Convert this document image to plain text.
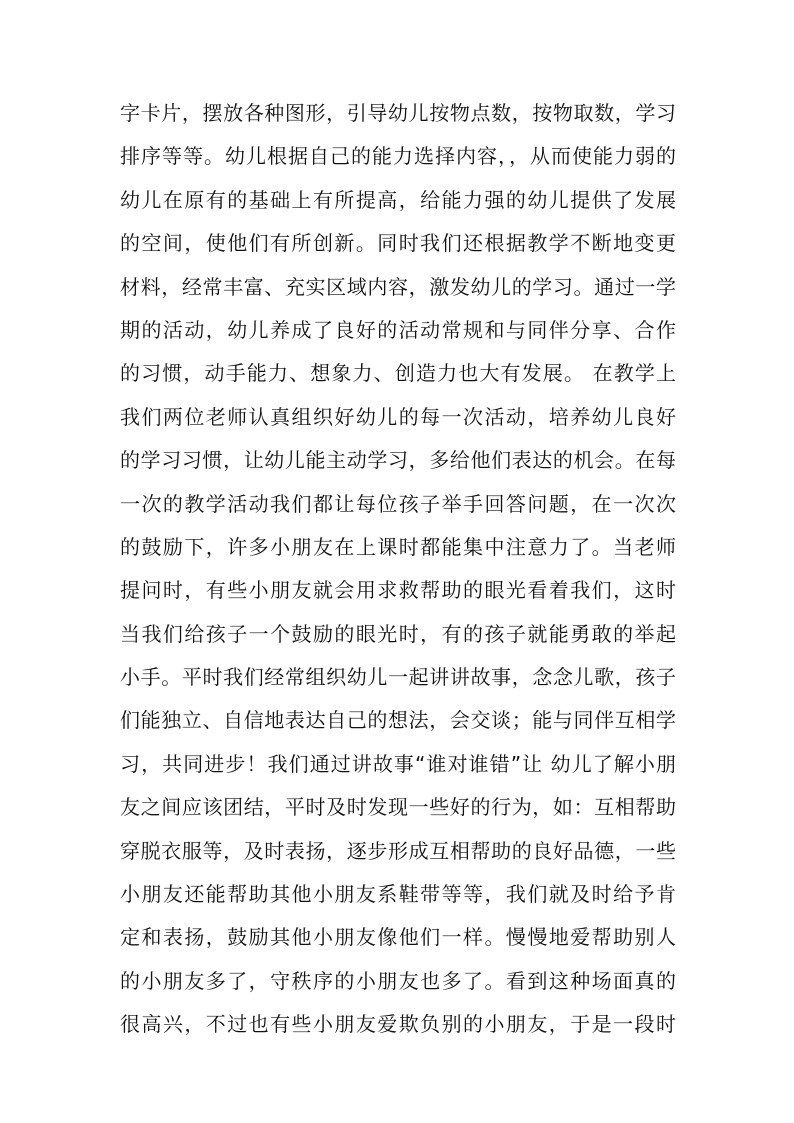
字卡片，摆放各种图形，引导幼儿按物点数，按物取数，学习
排序等等。幼儿根据自己的能力选择内容，，从而使能力弱的
幼儿在原有的基础上有所提高，给能力强的幼儿提供了发展
的空间，使他们有所创新。同时我们还根据教学不断地变更
材料，经常丰富、充实区域内容，激发幼儿的学习。通过一学
期的活动，幼儿养成了良好的活动常规和与同伴分享、合作
的习惯，动手能力、想象力、创造力也大有发展。 在教学上
我们两位老师认真组织好幼儿的每一次活动，培养幼儿良好
的学习习惯，让幼儿能主动学习，多给他们表达的机会。在每
一次的教学活动我们都让每位孩子举手回答问题，在一次次
的鼓励下，许多小朋友在上课时都能集中注意力了。当老师
提问时，有些小朋友就会用求救帮助的眼光看着我们，这时
当我们给孩子一个鼓励的眼光时，有的孩子就能勇敢的举起
小手。平时我们经常组织幼儿一起讲讲故事，念念儿歌，孩子
们能独立、自信地表达自己的想法，会交谈；能与同伴互相学
习，共同进步！我们通过讲故事“谁对谁错”让 幼儿了解小朋
友之间应该团结，平时及时发现一些好的行为，如：互相帮助
穿脱衣服等，及时表扬，逐步形成互相帮助的良好品德，一些
小朋友还能帮助其他小朋友系鞋带等等，我们就及时给予肯
定和表扬，鼓励其他小朋友像他们一样。慢慢地爱帮助别人
的小朋友多了，守秩序的小朋友也多了。看到这种场面真的
很高兴，不过也有些小朋友爱欺负别的小朋友，于是一段时
